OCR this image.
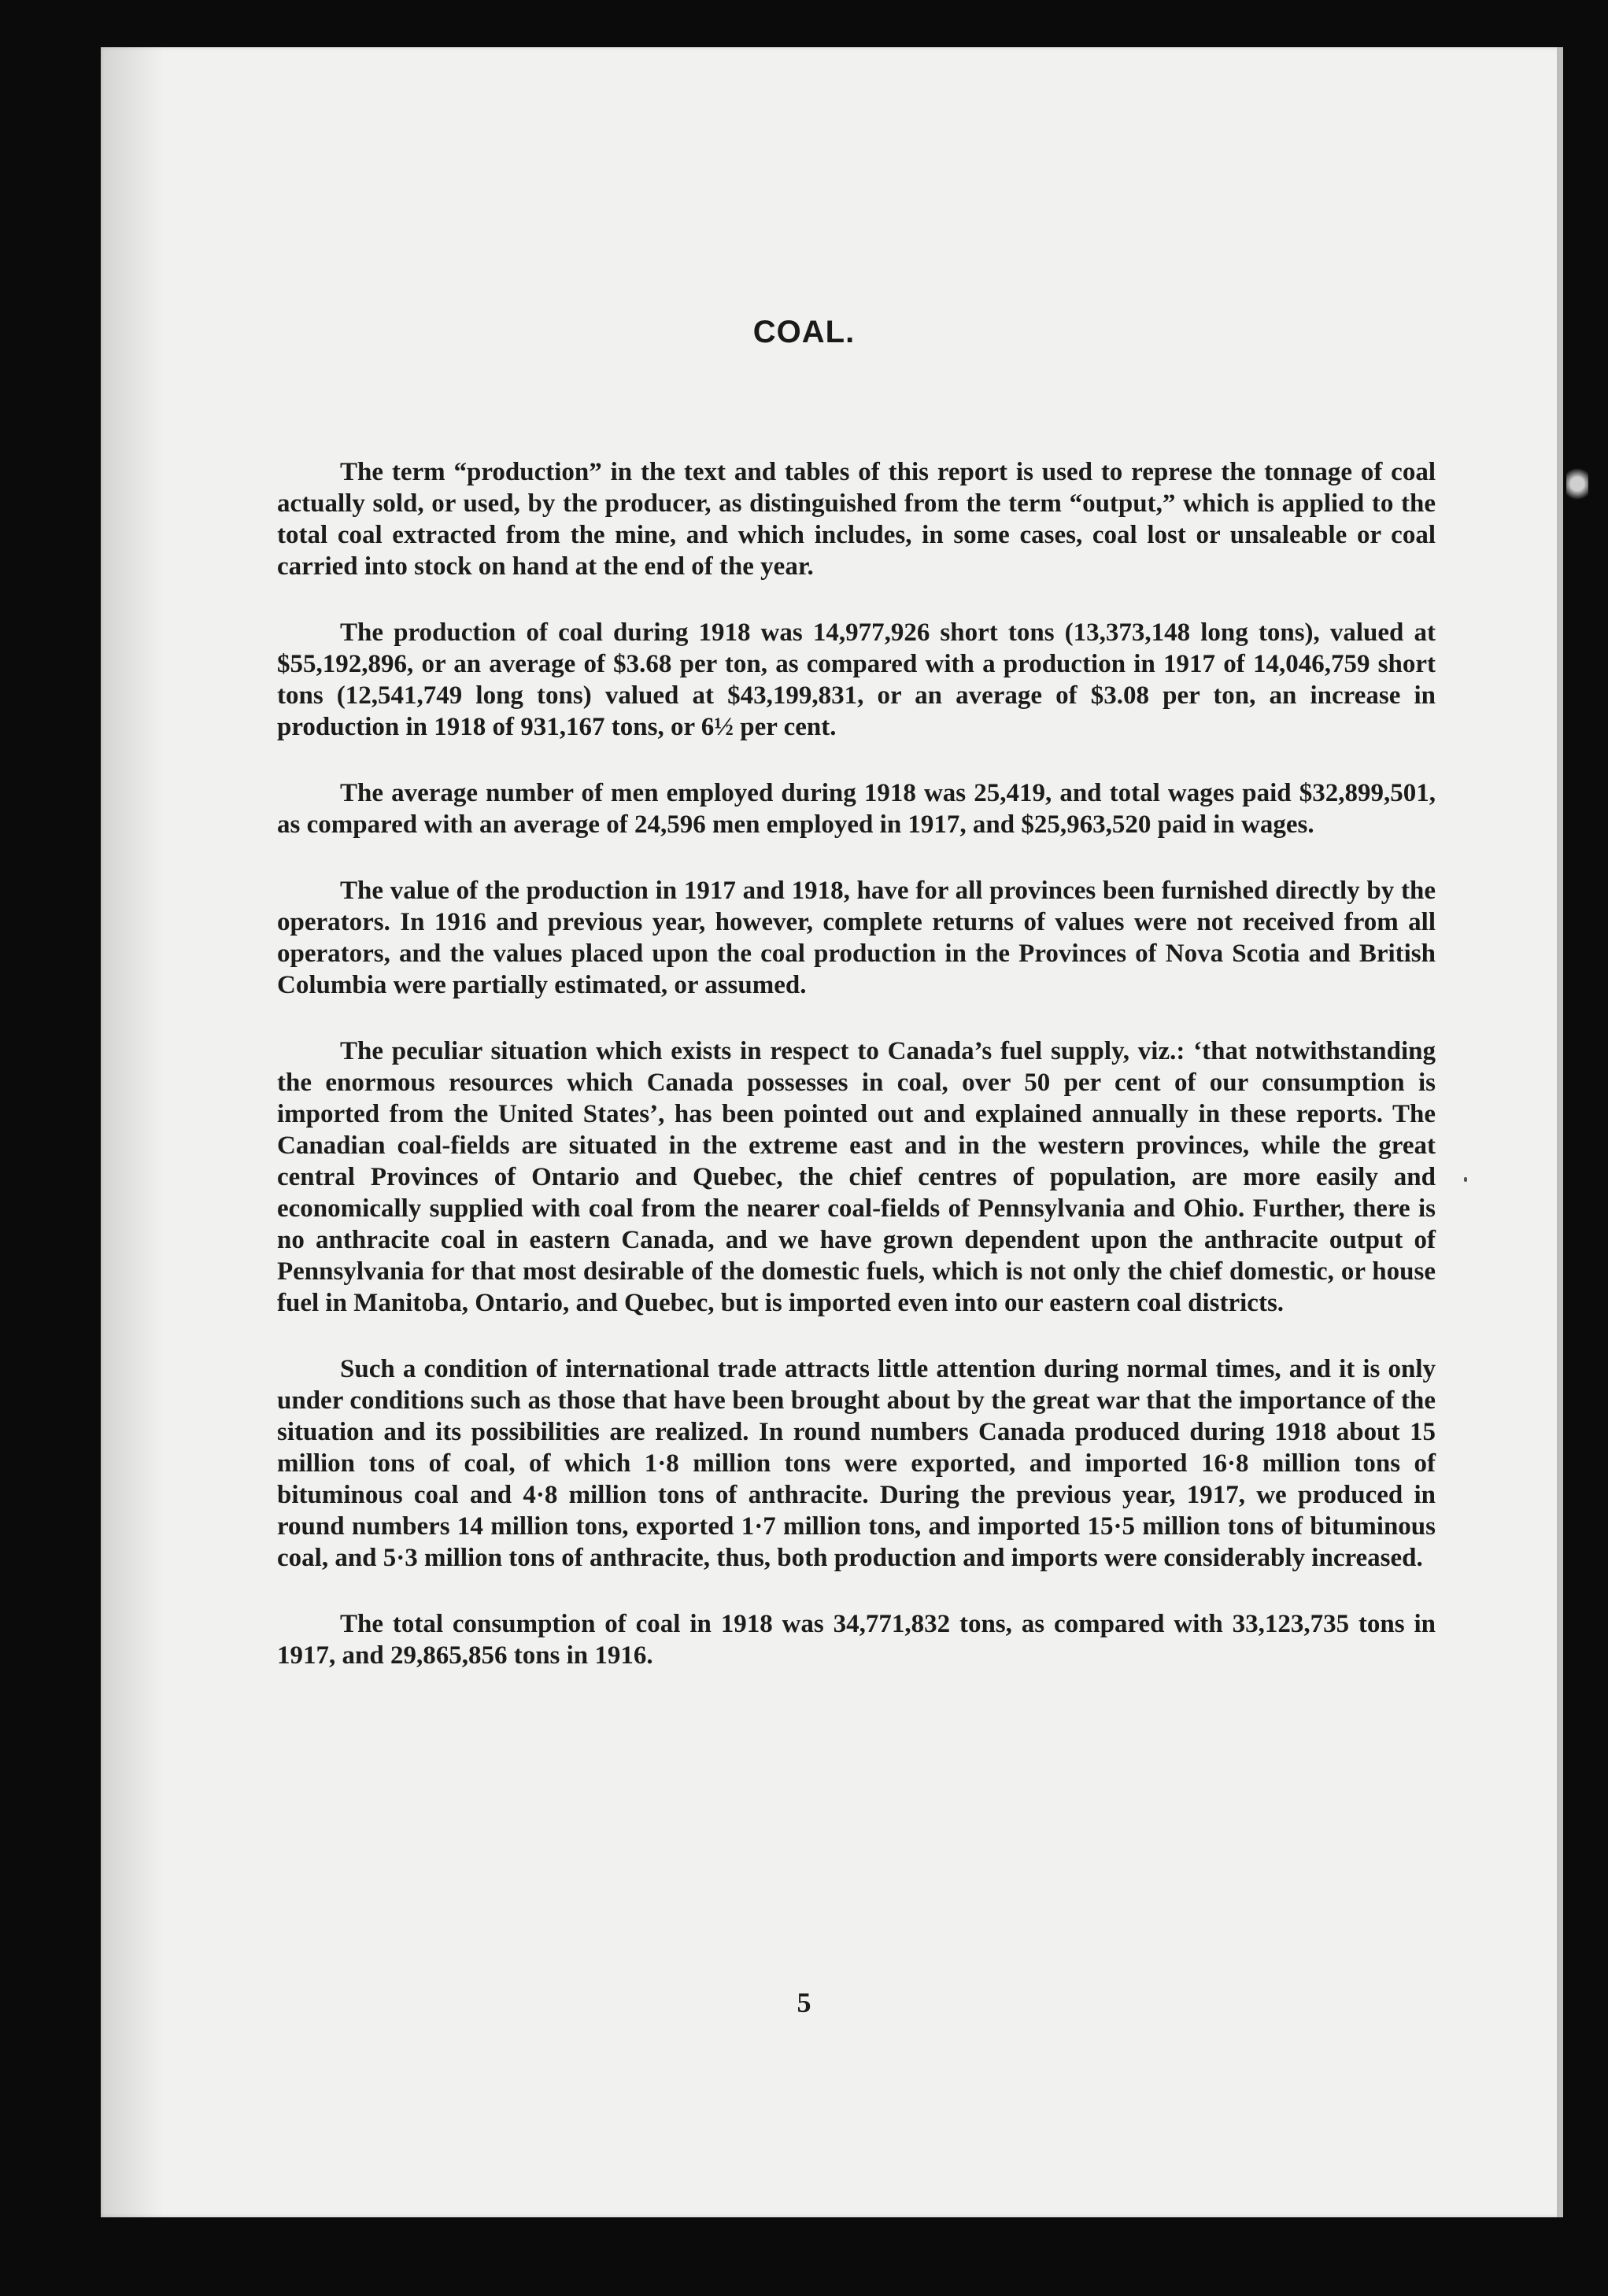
COAL.

The term “production” in the text and tables of this report is used to represe the tonnage of coal actually sold, or used, by the producer, as distinguished from the term “output,” which is applied to the total coal extracted from the mine, and which includes, in some cases, coal lost or unsaleable or coal carried into stock on hand at the end of the year.

The production of coal during 1918 was 14,977,926 short tons (13,373,148 long tons), valued at $55,192,896, or an average of $3.68 per ton, as compared with a production in 1917 of 14,046,759 short tons (12,541,749 long tons) valued at $43,199,831, or an average of $3.08 per ton, an increase in production in 1918 of 931,167 tons, or 6½ per cent.

The average number of men employed during 1918 was 25,419, and total wages paid $32,899,501, as compared with an average of 24,596 men employed in 1917, and $25,963,520 paid in wages.

The value of the production in 1917 and 1918, have for all provinces been furnished directly by the operators. In 1916 and previous year, however, complete returns of values were not received from all operators, and the values placed upon the coal production in the Provinces of Nova Scotia and British Columbia were partially estimated, or assumed.

The peculiar situation which exists in respect to Canada’s fuel supply, viz.: ‘that notwithstanding the enormous resources which Canada possesses in coal, over 50 per cent of our consumption is imported from the United States’, has been pointed out and explained annually in these reports. The Canadian coal-fields are situated in the extreme east and in the western provinces, while the great central Provinces of Ontario and Quebec, the chief centres of population, are more easily and economically supplied with coal from the nearer coal-fields of Pennsylvania and Ohio. Further, there is no anthracite coal in eastern Canada, and we have grown dependent upon the anthracite output of Pennsylvania for that most desirable of the domestic fuels, which is not only the chief domestic, or house fuel in Manitoba, Ontario, and Quebec, but is imported even into our eastern coal districts.

Such a condition of international trade attracts little attention during normal times, and it is only under conditions such as those that have been brought about by the great war that the importance of the situation and its possibilities are realized. In round numbers Canada produced during 1918 about 15 million tons of coal, of which 1·8 million tons were exported, and imported 16·8 million tons of bituminous coal and 4·8 million tons of anthracite. During the previous year, 1917, we produced in round numbers 14 million tons, exported 1·7 million tons, and imported 15·5 million tons of bituminous coal, and 5·3 million tons of anthracite, thus, both production and imports were considerably increased.

The total consumption of coal in 1918 was 34,771,832 tons, as compared with 33,123,735 tons in 1917, and 29,865,856 tons in 1916.

5
